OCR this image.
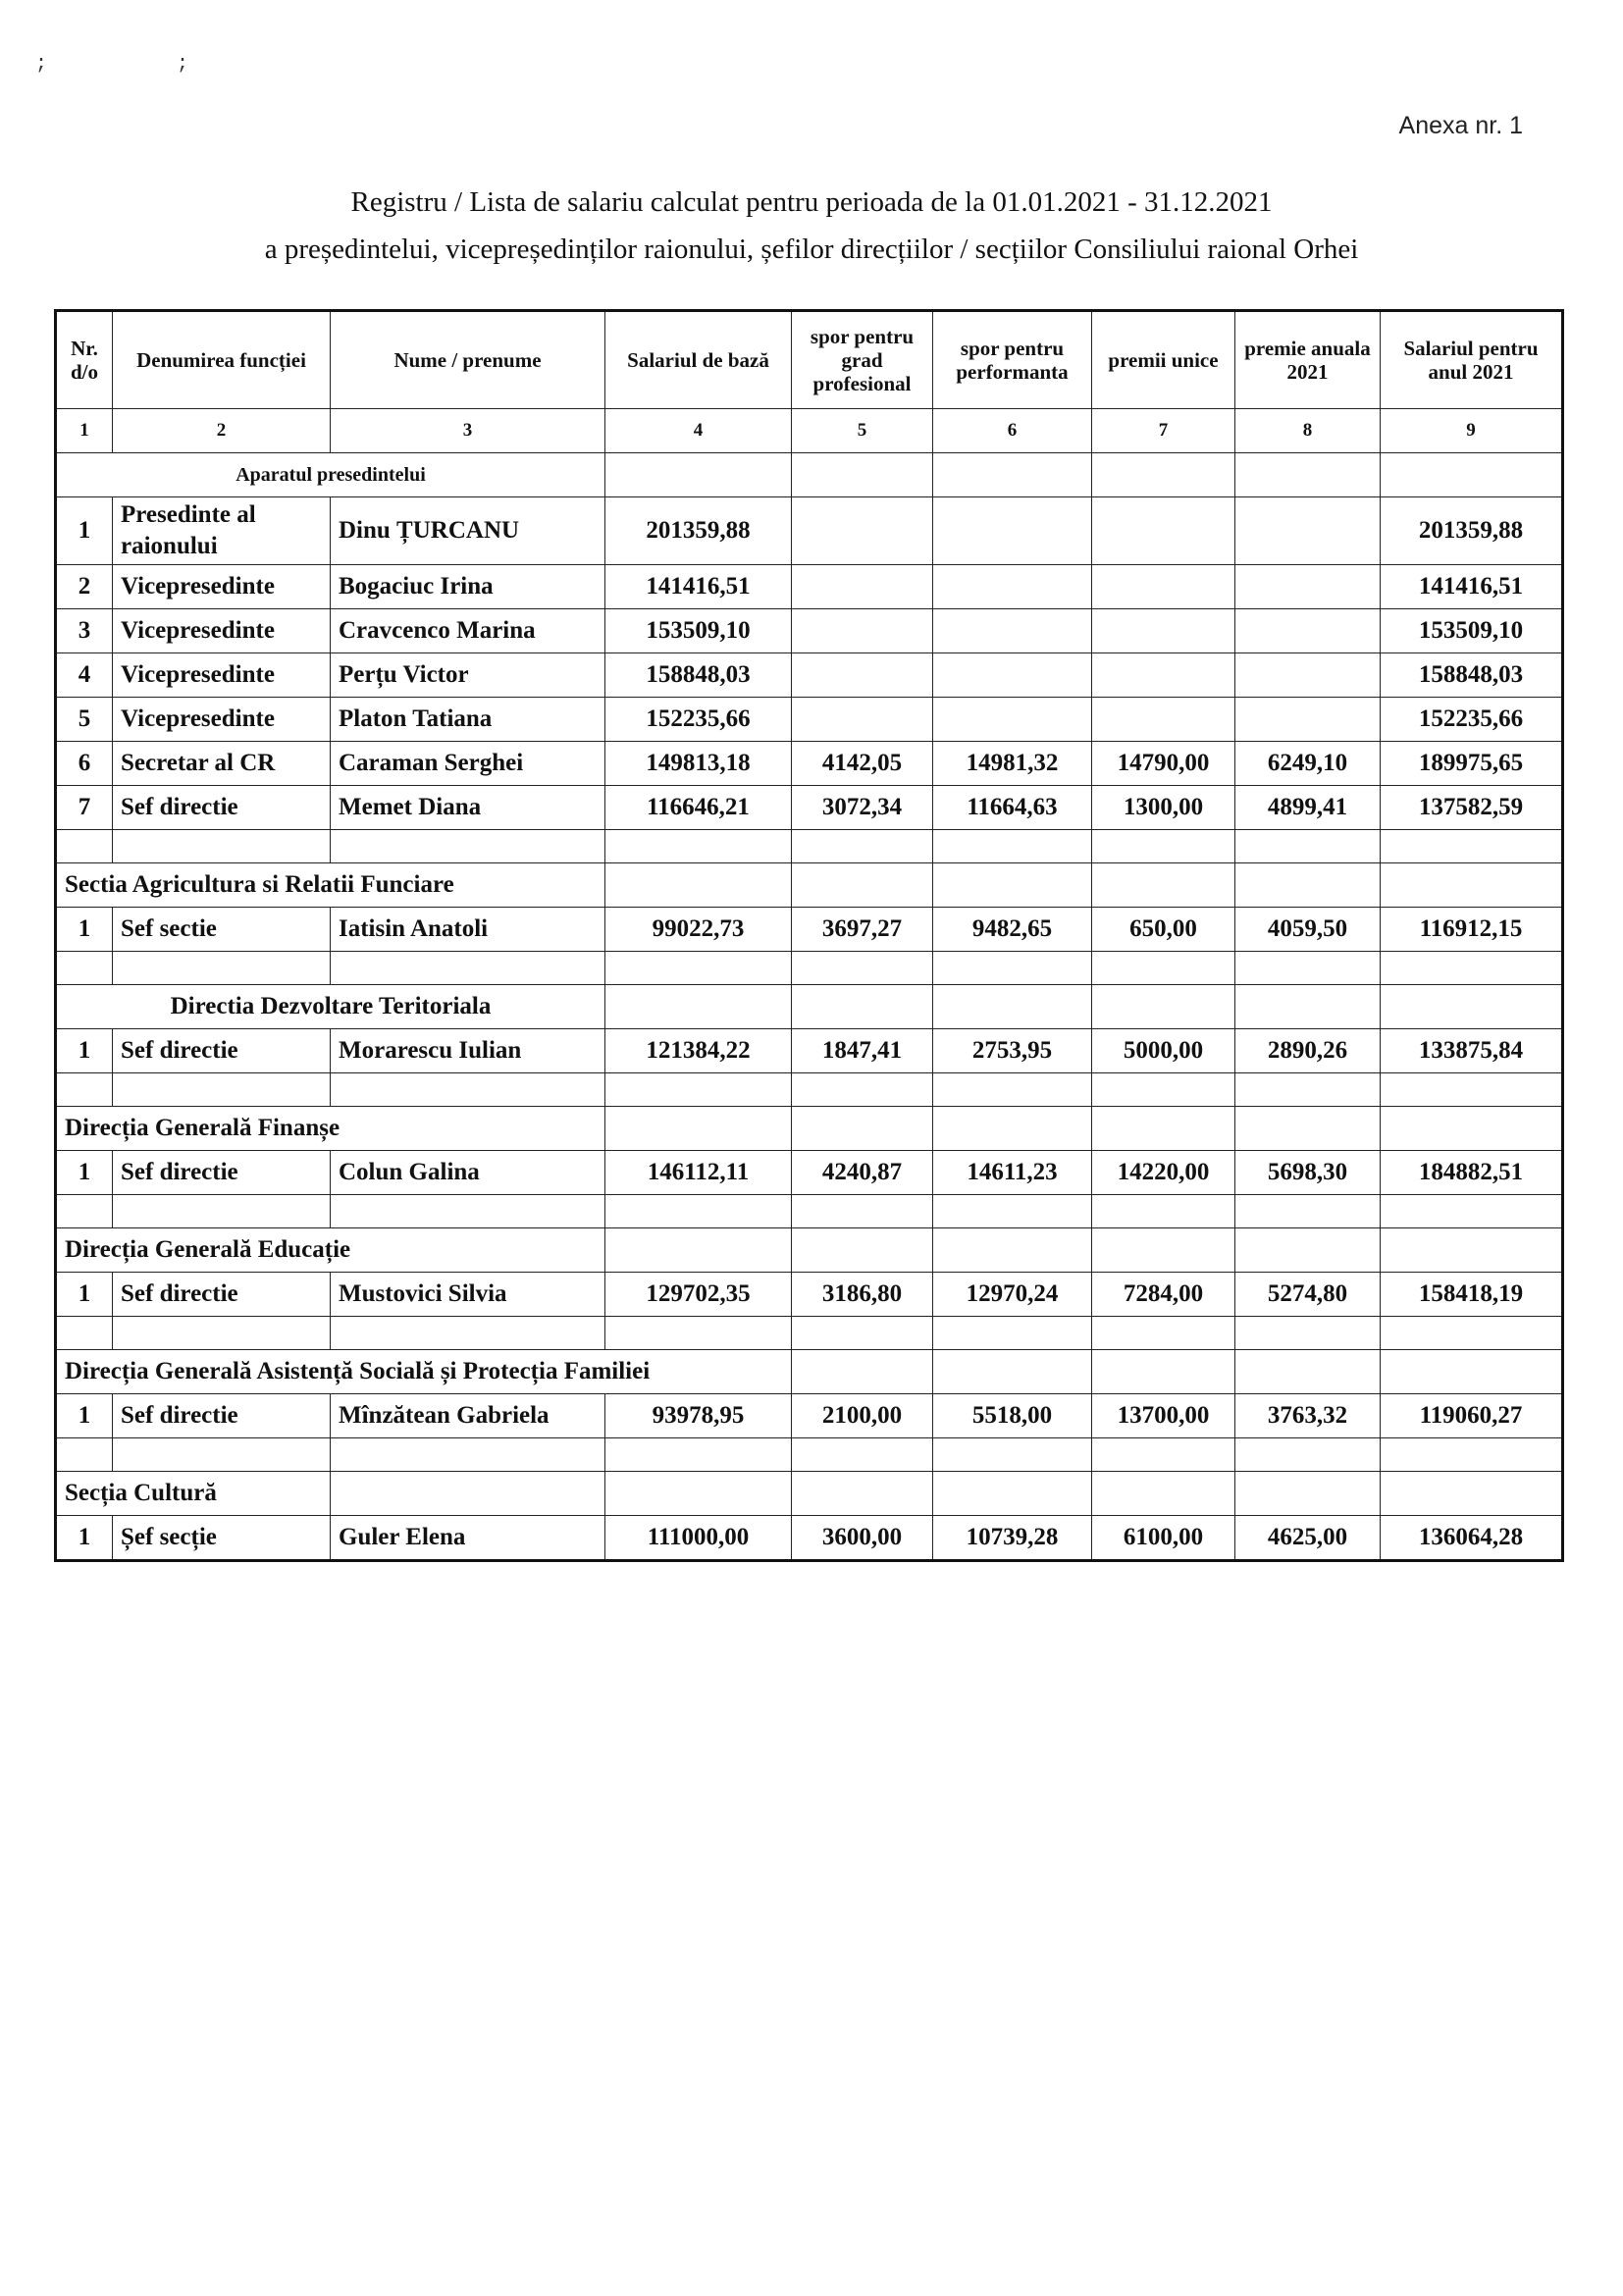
; ;
Anexa nr. 1
Registru / Lista de salariu calculat pentru perioada de la 01.01.2021 - 31.12.2021
a președintelui, vicepreședinților raionului, șefilor direcțiilor / secțiilor Consiliului raional Orhei
Nr. d/o	Denumirea funcției	Nume / prenume	Salariul de bază	spor pentru grad profesional	spor pentru performanta	premii unice	premie anuala 2021	Salariul pentru anul 2021
1	2	3	4	5	6	7	8	9
Aparatul presedintelui								
1	Presedinte al raionului	Dinu ȚURCANU	201359,88					201359,88
2	Vicepresedinte	Bogaciuc Irina	141416,51					141416,51
3	Vicepresedinte	Cravcenco Marina	153509,10					153509,10
4	Vicepresedinte	Perțu Victor	158848,03					158848,03
5	Vicepresedinte	Platon Tatiana	152235,66					152235,66
6	Secretar al CR	Caraman Serghei	149813,18	4142,05	14981,32	14790,00	6249,10	189975,65
7	Sef directie	Memet Diana	116646,21	3072,34	11664,63	1300,00	4899,41	137582,59

Sectia Agricultura si Relatii Funciare								
1	Sef sectie	Iatisin Anatoli	99022,73	3697,27	9482,65	650,00	4059,50	116912,15

Directia Dezvoltare Teritoriala								
1	Sef directie	Morarescu Iulian	121384,22	1847,41	2753,95	5000,00	2890,26	133875,84

Direcția Generală Finanșe								
1	Sef directie	Colun Galina	146112,11	4240,87	14611,23	14220,00	5698,30	184882,51

Direcția Generală Educație								
1	Sef directie	Mustovici Silvia	129702,35	3186,80	12970,24	7284,00	5274,80	158418,19

Direcția Generală Asistență Socială și Protecția Familiei								
1	Sef directie	Mînzătean Gabriela	93978,95	2100,00	5518,00	13700,00	3763,32	119060,27

Secția Cultură								
1	Șef secție	Guler Elena	111000,00	3600,00	10739,28	6100,00	4625,00	136064,28
